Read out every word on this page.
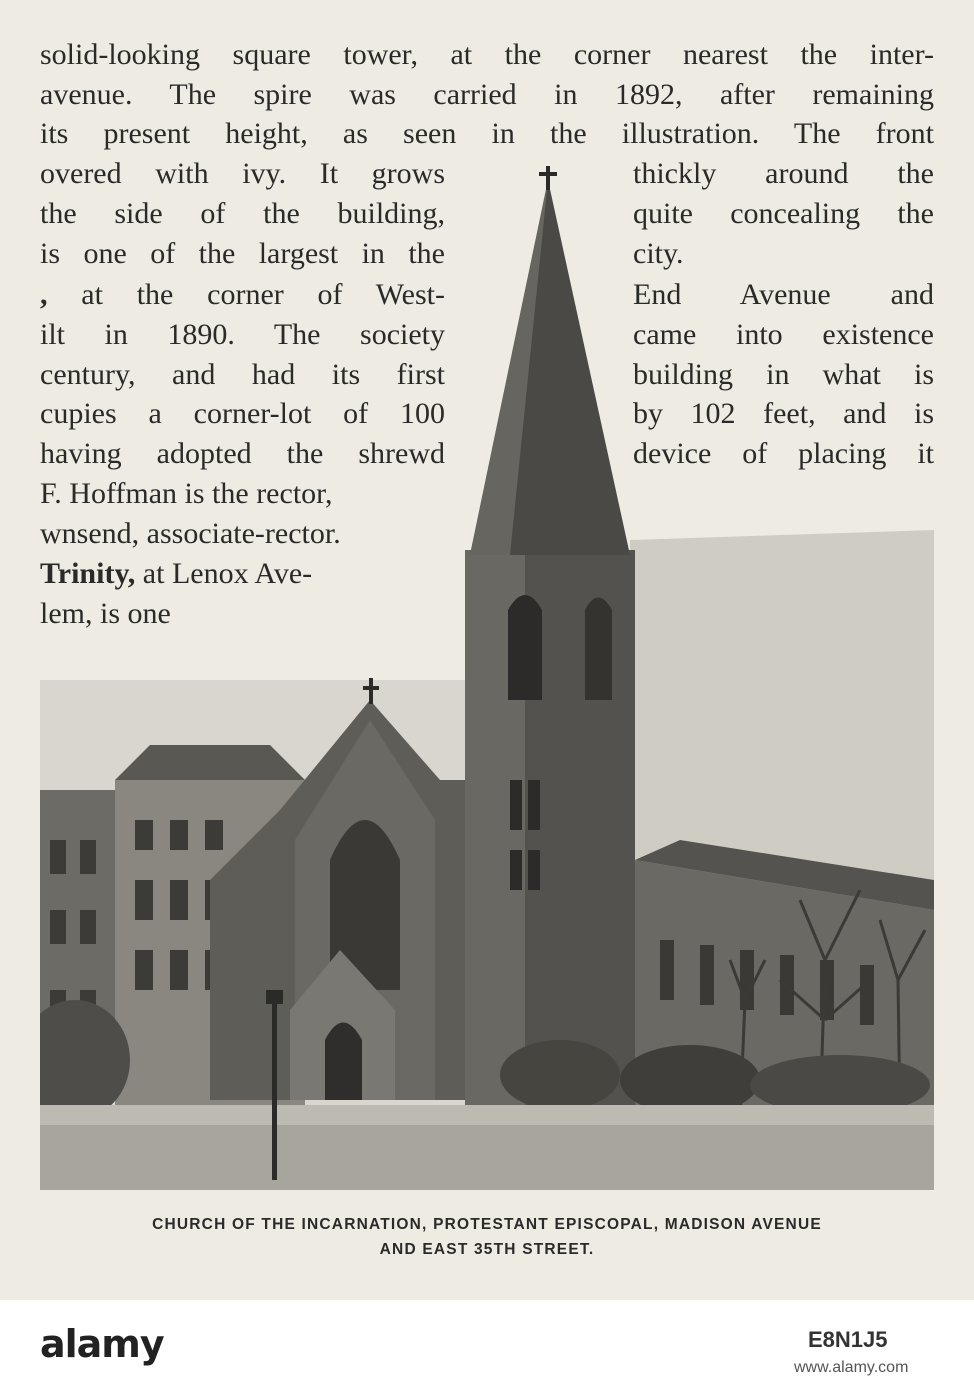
solid-looking square tower, at the corner nearest the inter-
avenue. The spire was carried in 1892, after remaining
its present height, as seen in the illustration. The front
overed with ivy. It grows
the side of the building,
is one of the largest in the
, at the corner of West-
ilt in 1890. The society
century, and had its first
cupies a corner-lot of 100
having adopted the shrewd
F. Hoffman is the rector,
wnsend, associate-rector.
Trinity, at Lenox Ave-
lem, is one
thickly around the
quite concealing the
city.
End Avenue and
came into existence
building in what is
by 102 feet, and is
device of placing it
CHURCH OF THE INCARNATION, PROTESTANT EPISCOPAL, MADISON AVENUE
AND EAST 35TH STREET.
alamy	E8N1J5
www.alamy.com
